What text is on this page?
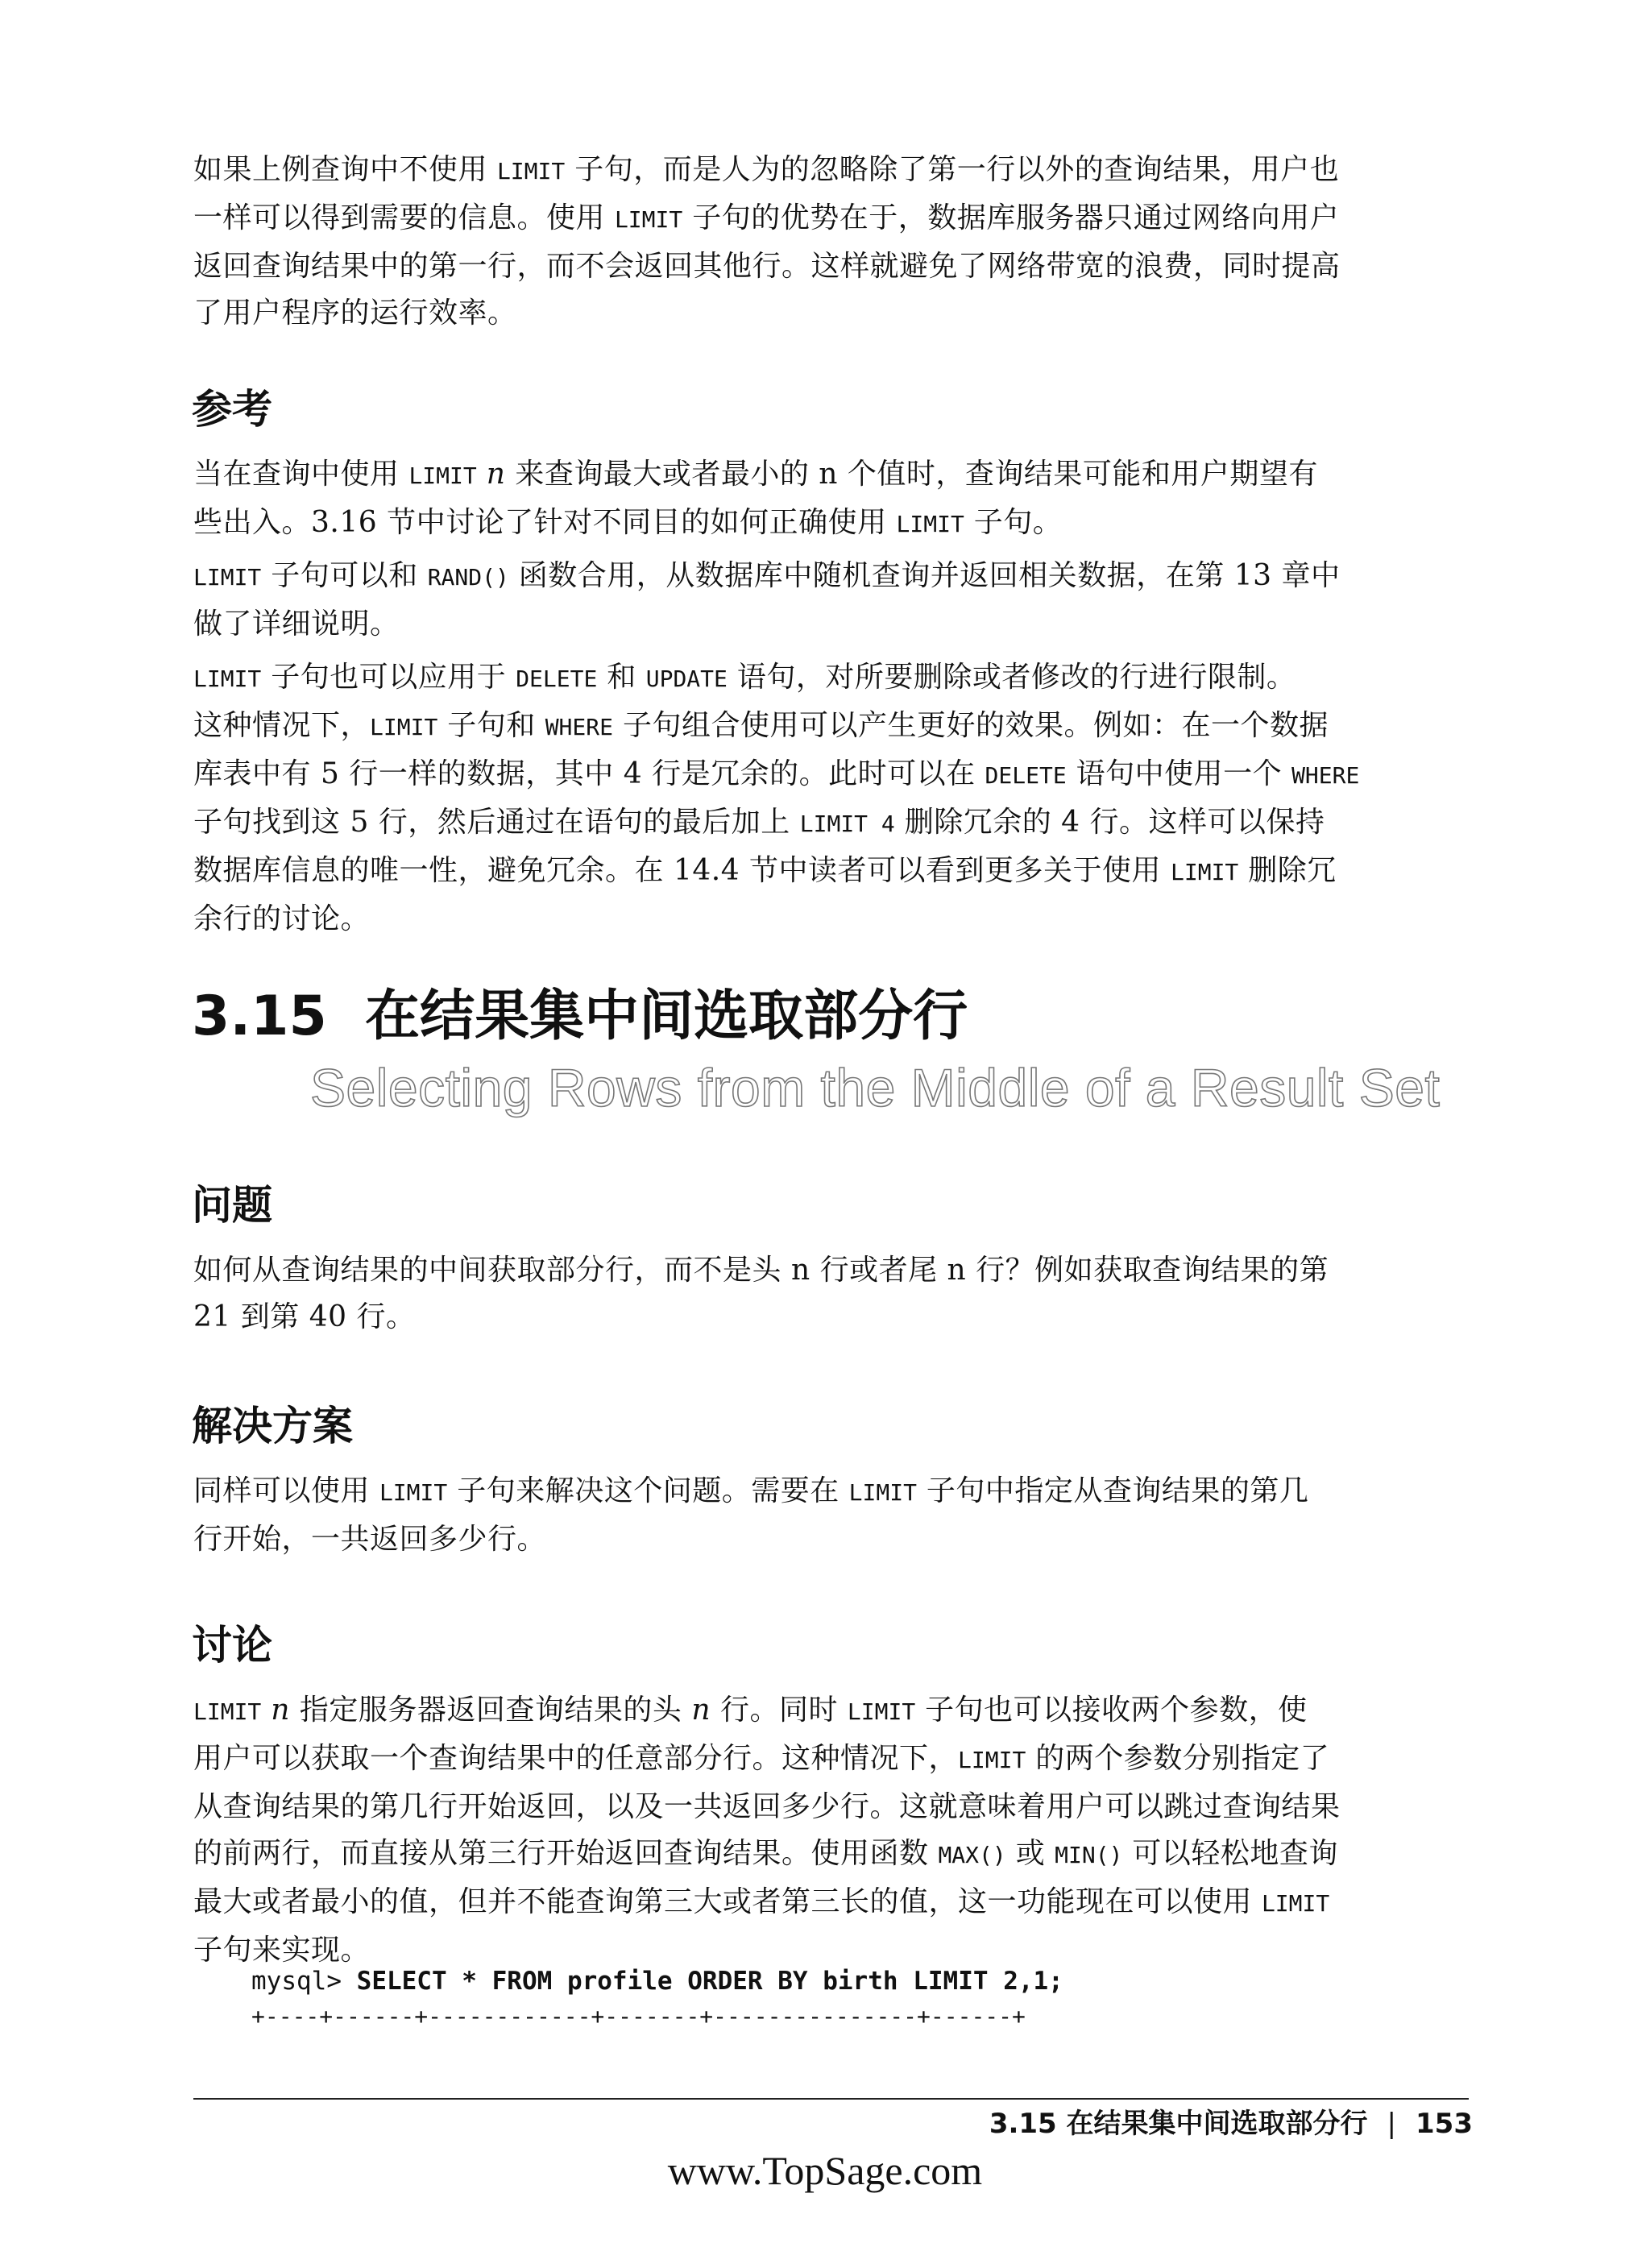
如果上例查询中不使用 LIMIT 子句，而是人为的忽略除了第一行以外的查询结果，用户也

一样可以得到需要的信息。使用 LIMIT 子句的优势在于，数据库服务器只通过网络向用户

返回查询结果中的第一行，而不会返回其他行。这样就避免了网络带宽的浪费，同时提高

了用户程序的运行效率。

参考

当在查询中使用 LIMIT n 来查询最大或者最小的 n 个值时，查询结果可能和用户期望有

些出入。3.16 节中讨论了针对不同目的如何正确使用 LIMIT 子句。

LIMIT 子句可以和 RAND() 函数合用，从数据库中随机查询并返回相关数据，在第 13 章中

做了详细说明。

LIMIT 子句也可以应用于 DELETE 和 UPDATE 语句，对所要删除或者修改的行进行限制。

这种情况下，LIMIT 子句和 WHERE 子句组合使用可以产生更好的效果。例如：在一个数据

库表中有 5 行一样的数据，其中 4 行是冗余的。此时可以在 DELETE 语句中使用一个 WHERE

子句找到这 5 行，然后通过在语句的最后加上 LIMIT 4 删除冗余的 4 行。这样可以保持

数据库信息的唯一性，避免冗余。在 14.4 节中读者可以看到更多关于使用 LIMIT 删除冗

余行的讨论。

3.15 在结果集中间选取部分行
Selecting Rows from the Middle of a Result Set
问题

如何从查询结果的中间获取部分行，而不是头 n 行或者尾 n 行？例如获取查询结果的第

21 到第 40 行。

解决方案

同样可以使用 LIMIT 子句来解决这个问题。需要在 LIMIT 子句中指定从查询结果的第几

行开始，一共返回多少行。

讨论

LIMIT n 指定服务器返回查询结果的头 n 行。同时 LIMIT 子句也可以接收两个参数，使

用户可以获取一个查询结果中的任意部分行。这种情况下，LIMIT 的两个参数分别指定了

从查询结果的第几行开始返回，以及一共返回多少行。这就意味着用户可以跳过查询结果

的前两行，而直接从第三行开始返回查询结果。使用函数 MAX() 或 MIN() 可以轻松地查询

最大或者最小的值，但并不能查询第三大或者第三长的值，这一功能现在可以使用 LIMIT

子句来实现。

mysql> SELECT * FROM profile ORDER BY birth LIMIT 2,1;
+----+------+------------+-------+---------------+------+
3.15 在结果集中间选取部分行 | 153
www.TopSage.com
